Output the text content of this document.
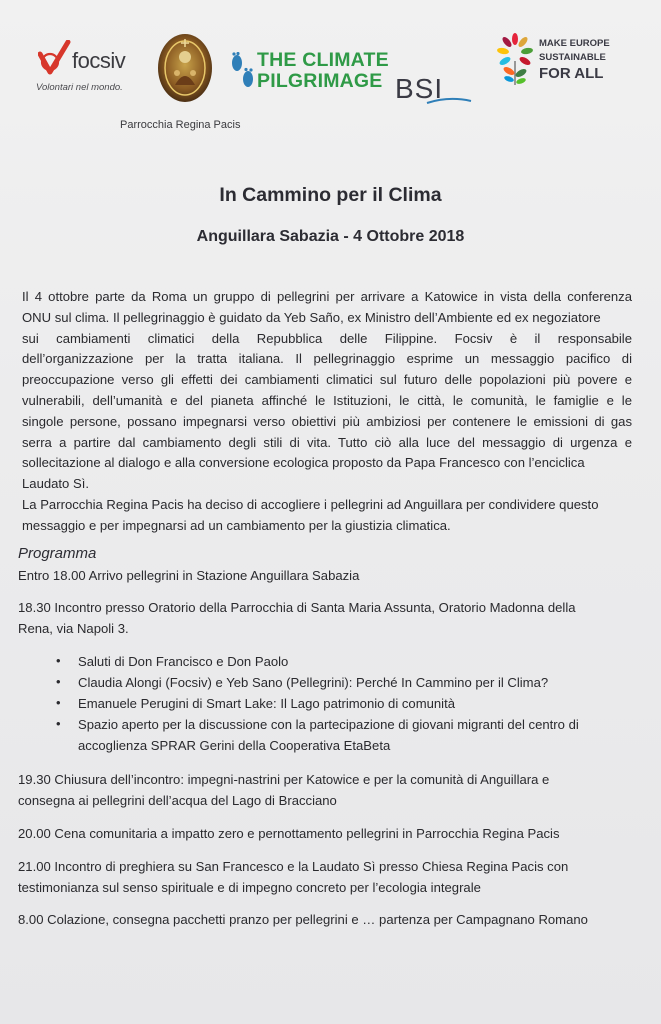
focsiv
Volontari nel mondo.
Parrocchia Regina Pacis
THE CLIMATE
PILGRIMAGE BSI
MAKE EUROPE
SUSTAINABLE
FOR ALL
In Cammino per il Clima
Anguillara Sabazia - 4 Ottobre 2018
Il 4 ottobre parte da Roma un gruppo di pellegrini per arrivare a Katowice in vista della conferenza
ONU sul clima. Il pellegrinaggio è guidato da Yeb Saño, ex Ministro dell’Ambiente ed ex negoziatore
sui cambiamenti climatici della Repubblica delle Filippine. Focsiv è il responsabile
dell’organizzazione per la tratta italiana. Il pellegrinaggio esprime un messaggio pacifico di
preoccupazione verso gli effetti dei cambiamenti climatici sul futuro delle popolazioni più povere e
vulnerabili, dell’umanità e del pianeta affinché le Istituzioni, le città, le comunità, le famiglie e le
singole persone, possano impegnarsi verso obiettivi più ambiziosi per contenere le emissioni di gas
serra a partire dal cambiamento degli stili di vita. Tutto ciò alla luce del messaggio di urgenza e
sollecitazione al dialogo e alla conversione ecologica proposto da Papa Francesco con l’enciclica
Laudato Sì.
La Parrocchia Regina Pacis ha deciso di accogliere i pellegrini ad Anguillara per condividere questo
messaggio e per impegnarsi ad un cambiamento per la giustizia climatica.
Programma
Entro 18.00 Arrivo pellegrini in Stazione Anguillara Sabazia
18.30 Incontro presso Oratorio della Parrocchia di Santa Maria Assunta, Oratorio Madonna della
Rena, via Napoli 3.
• Saluti di Don Francisco e Don Paolo
• Claudia Alongi (Focsiv) e Yeb Sano (Pellegrini): Perché In Cammino per il Clima?
• Emanuele Perugini di Smart Lake: Il Lago patrimonio di comunità
• Spazio aperto per la discussione con la partecipazione di giovani migranti del centro di
accoglienza SPRAR Gerini della Cooperativa EtaBeta
19.30 Chiusura dell’incontro: impegni-nastrini per Katowice e per la comunità di Anguillara e
consegna ai pellegrini dell’acqua del Lago di Bracciano
20.00 Cena comunitaria a impatto zero e pernottamento pellegrini in Parrocchia Regina Pacis
21.00 Incontro di preghiera su San Francesco e la Laudato Sì presso Chiesa Regina Pacis con
testimonianza sul senso spirituale e di impegno concreto per l’ecologia integrale
8.00 Colazione, consegna pacchetti pranzo per pellegrini e … partenza per Campagnano Romano
